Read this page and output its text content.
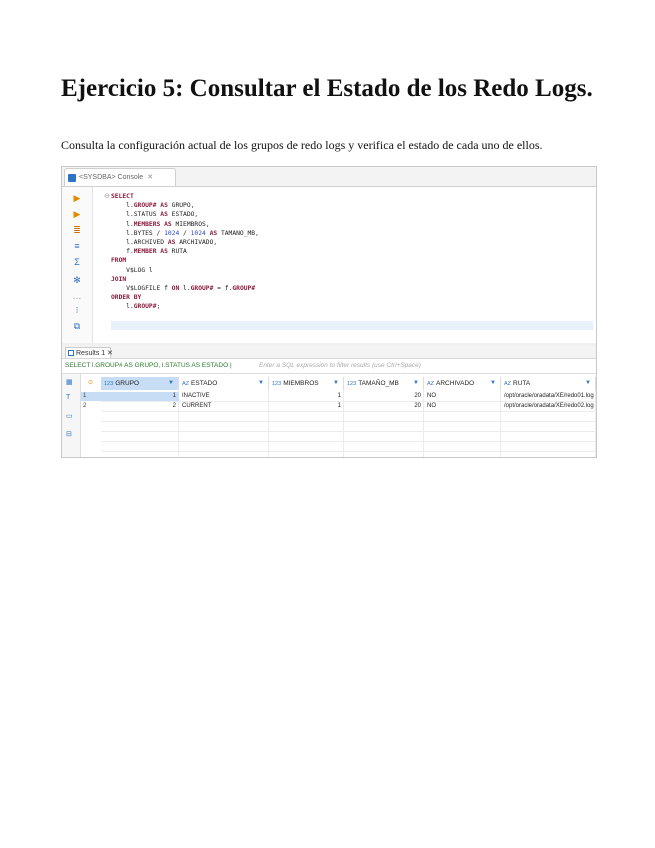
Ejercicio 5: Consultar el Estado de los Redo Logs.
Consulta la configuración actual de los grupos de redo logs y verifica el estado de cada uno de ellos.
<SYSDBA> Console ✕
▶
▶
≣
≡
Σ
✻
…
⁝
⧉
⊖ SELECT
l.GROUP# AS GRUPO,
l.STATUS AS ESTADO,
l.MEMBERS AS MIEMBROS,
l.BYTES / 1024 / 1024 AS TAMANO_MB,
l.ARCHIVED AS ARCHIVADO,
f.MEMBER AS RUTA
FROM
V$LOG l
JOIN
V$LOGFILE f ON l.GROUP# = f.GROUP#
ORDER BY
l.GROUP#;
Results 1 ✕
SELECT l.GROUP# AS GRUPO, l.STATUS AS ESTADO |	Enter a SQL expression to filter results (use Ctrl+Space)
▦
T
▭
⊟
⊙	123 GRUPO	▼	AZ ESTADO	▼	123 MIEMBROS ▼	123 TAMAÑO_MB ▼	AZ ARCHIVADO	▼	AZ RUTA	▼
1	1	INACTIVE	1	20	NO	/opt/oracle/oradata/XE/redo01.log
2	2	CURRENT	1	20	NO	/opt/oracle/oradata/XE/redo02.log
